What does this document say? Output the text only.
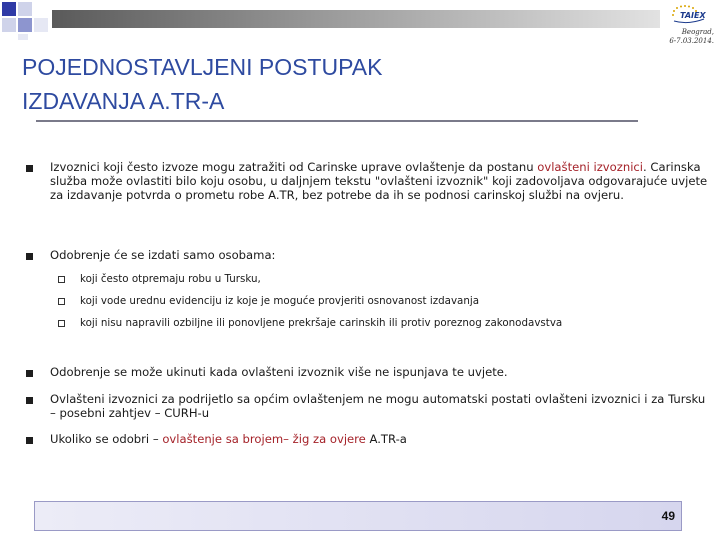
TAIEX
Beograd,
6-7.03.2014.
POJEDNOSTAVLJENI POSTUPAK
IZDAVANJA A.TR-A
Izvoznici koji često izvoze mogu zatražiti od Carinske uprave ovlaštenje da postanu ovlašteni izvoznici. Carinska služba može ovlastiti bilo koju osobu, u daljnjem tekstu "ovlašteni izvoznik" koji zadovoljava odgovarajuće uvjete za izdavanje potvrda o prometu robe A.TR, bez potrebe da ih se podnosi carinskoj službi na ovjeru.
Odobrenje će se izdati samo osobama:
koji često otpremaju robu u Tursku,
koji vode urednu evidenciju iz koje je moguće provjeriti osnovanost izdavanja
koji nisu napravili ozbiljne ili ponovljene prekršaje carinskih ili protiv poreznog zakonodavstva
Odobrenje se može ukinuti kada ovlašteni izvoznik više ne ispunjava te uvjete.
Ovlašteni izvoznici za podrijetlo sa općim ovlaštenjem ne mogu automatski postati ovlašteni izvoznici i za Tursku – posebni zahtjev – CURH-u
Ukoliko se odobri – ovlaštenje sa brojem– žig za ovjere A.TR-a
49
